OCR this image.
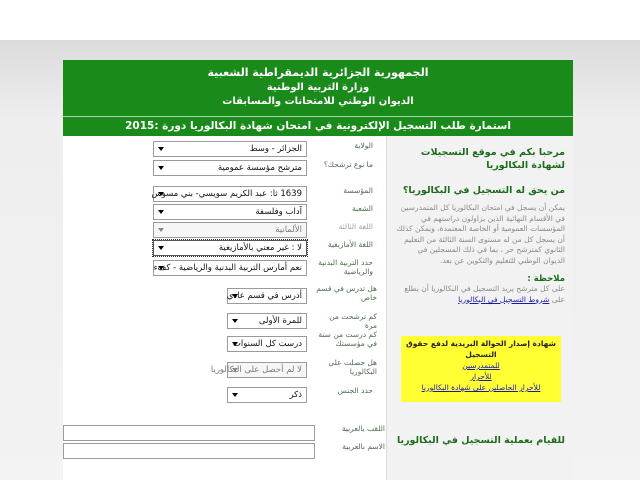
الجمهورية الجزائرية الديمقراطية الشعبية
وزارة التربية الوطنية
الديوان الوطني للامتحانات والمسابقات
استمارة طلب التسجيل الإلكترونية في امتحان شهادة البكالوريا دورة :2015
الولاية
الجزائر - وسط
ما نوع ترشحك؟
مترشح مؤسسة عمومية
المؤسسة
1639 ثا: عبد الكريم سويسي- بني مسوس
الشعبة
آداب وفلسفة
اللغة الثالثة
الألمانية
اللغة الأمازيغية
لا : غير معني بالأمازيغية
حدد التربية البدنية والرياضية
نعم أمارس التربية البدنية والرياضية - كفء
هل تدرس في قسم خاص
أدرس في قسم عادي
كم ترشحت من مرة
للمرة الأولى
كم درست من سنة في مؤسستك
درست كل السنوات
هل حصلت على البكالوريا
لا لم أحصل على البكالوريا
حدد الجنس
ذكر
اللقب بالعربية
الاسم بالعربية
مرحبا بكم في موقع التسجيلات لشهادة البكالوريا
من يحق له التسجيل في البكالوريا؟
يمكن أن يسجل في امتحان البكالوريا كل المتمدرسين في الأقسام النهائية الذين يزاولون دراستهم في المؤسسات العمومية أو الخاصة المعتمدة، ويمكن كذلك أن يسجل كل من له مستوى السنة الثالثة من التعليم الثانوي كمترشح حر ، بما في ذلك المسجلين في الديوان الوطني للتعليم والتكوين عن بعد.
ملاحظة :
على كل مترشح يريد التسجيل في البكالوريا أن يطلع على شروط التسجيل في البكالوريا
شهادة إصدار الحوالة البريدية لدفع حقوق التسجيل
للمتمدرسين
للأحرار
للأحرار الحاصلين على شهادة البكالوريا
للقيام بعملية التسجيل في البكالوريا
